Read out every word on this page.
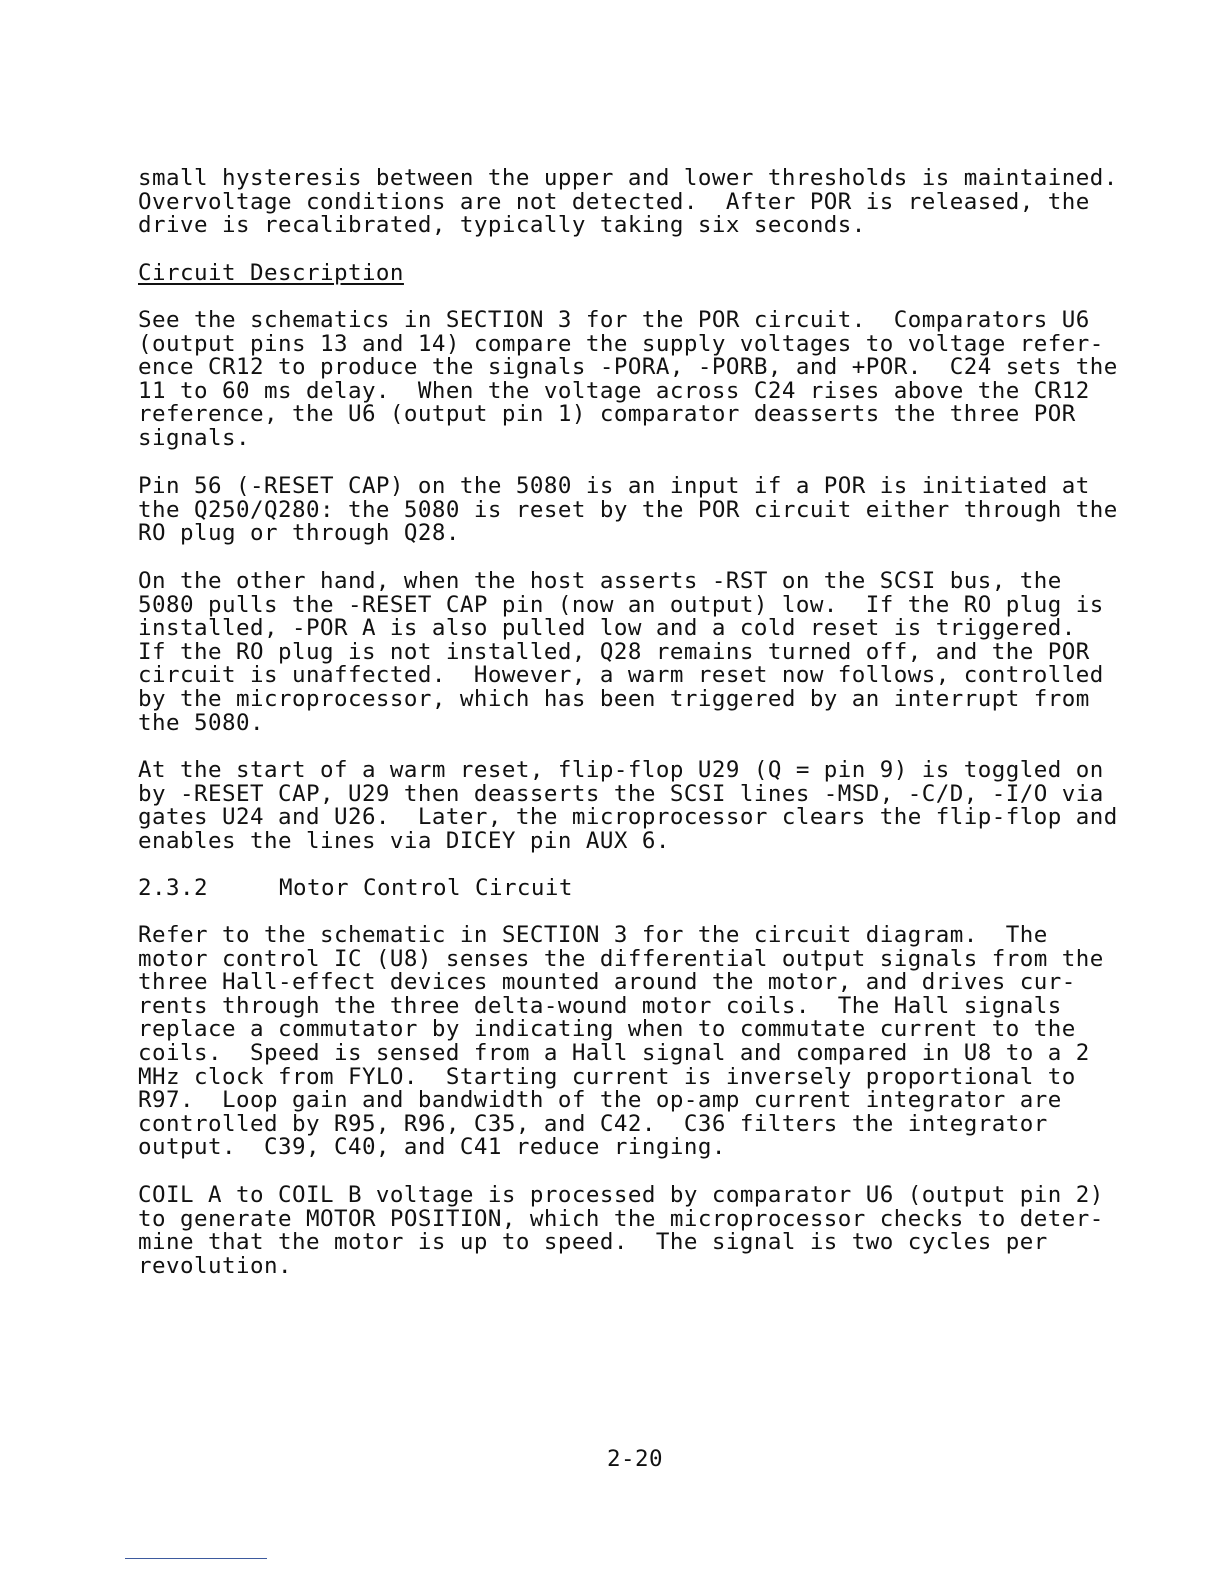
small hysteresis between the upper and lower thresholds is maintained.
Overvoltage conditions are not detected.  After POR is released, the
drive is recalibrated, typically taking six seconds.

Circuit Description

See the schematics in SECTION 3 for the POR circuit.  Comparators U6
(output pins 13 and 14) compare the supply voltages to voltage refer-
ence CR12 to produce the signals -PORA, -PORB, and +POR.  C24 sets the
11 to 60 ms delay.  When the voltage across C24 rises above the CR12
reference, the U6 (output pin 1) comparator deasserts the three POR
signals.

Pin 56 (-RESET CAP) on the 5080 is an input if a POR is initiated at
the Q250/Q280: the 5080 is reset by the POR circuit either through the
RO plug or through Q28.

On the other hand, when the host asserts -RST on the SCSI bus, the
5080 pulls the -RESET CAP pin (now an output) low.  If the RO plug is
installed, -POR A is also pulled low and a cold reset is triggered.
If the RO plug is not installed, Q28 remains turned off, and the POR
circuit is unaffected.  However, a warm reset now follows, controlled
by the microprocessor, which has been triggered by an interrupt from
the 5080.

At the start of a warm reset, flip-flop U29 (Q = pin 9) is toggled on
by -RESET CAP, U29 then deasserts the SCSI lines -MSD, -C/D, -I/O via
gates U24 and U26.  Later, the microprocessor clears the flip-flop and
enables the lines via DICEY pin AUX 6.

2.3.2	Motor Control Circuit

Refer to the schematic in SECTION 3 for the circuit diagram.  The
motor control IC (U8) senses the differential output signals from the
three Hall-effect devices mounted around the motor, and drives cur-
rents through the three delta-wound motor coils.  The Hall signals
replace a commutator by indicating when to commutate current to the
coils.  Speed is sensed from a Hall signal and compared in U8 to a 2
MHz clock from FYLO.  Starting current is inversely proportional to
R97.  Loop gain and bandwidth of the op-amp current integrator are
controlled by R95, R96, C35, and C42.  C36 filters the integrator
output.  C39, C40, and C41 reduce ringing.

COIL A to COIL B voltage is processed by comparator U6 (output pin 2)
to generate MOTOR POSITION, which the microprocessor checks to deter-
mine that the motor is up to speed.  The signal is two cycles per
revolution.

2-20
